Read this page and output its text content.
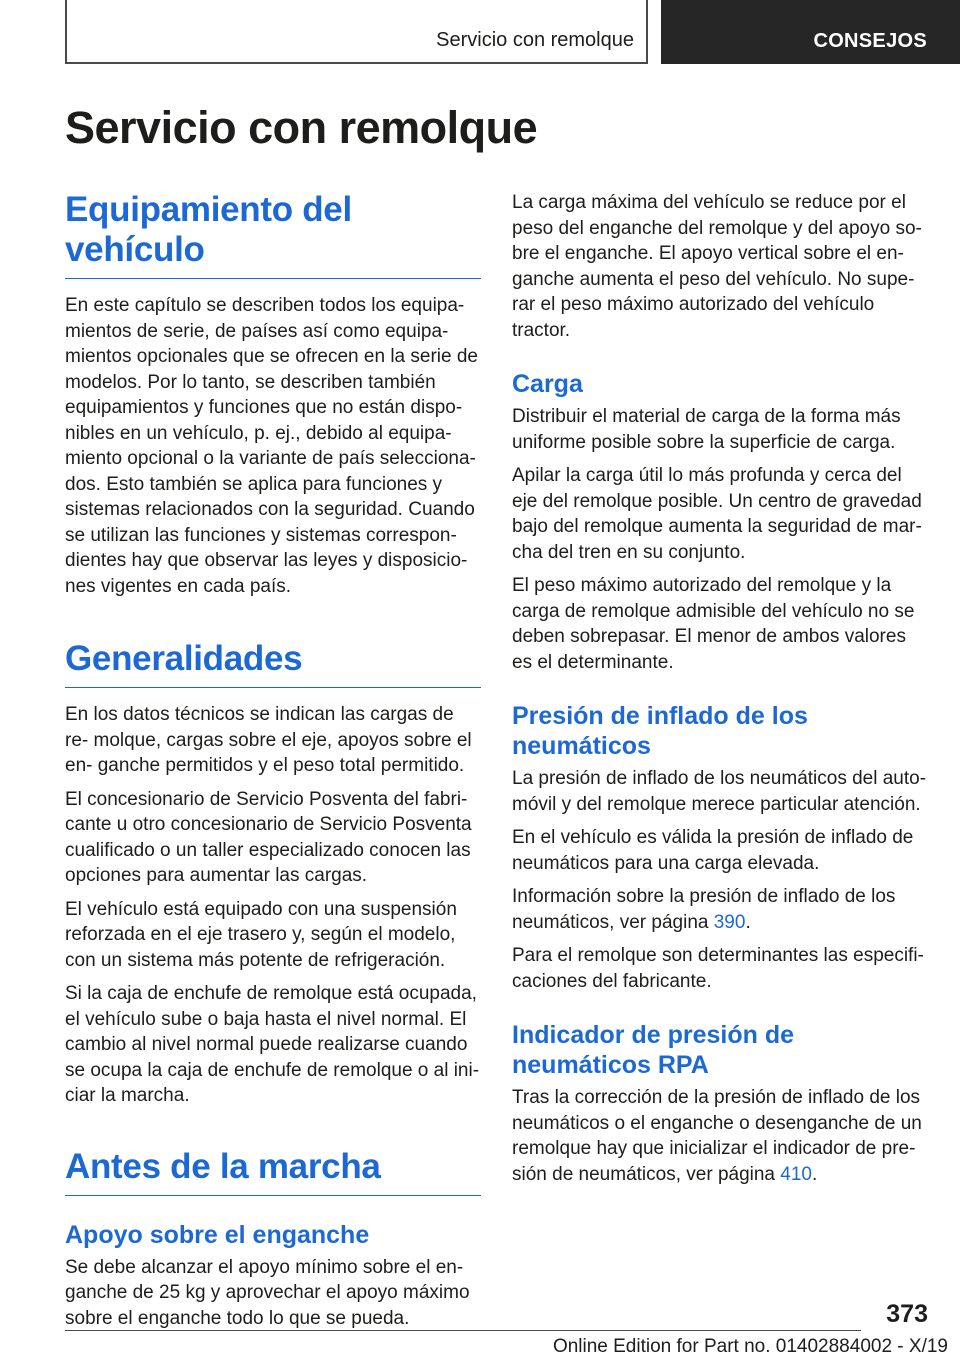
Servicio con remolque	CONSEJOS
Servicio con remolque
Equipamiento del vehículo

En este capítulo se describen todos los equipa‐ mientos de serie, de países así como equipa‐ mientos opcionales que se ofrecen en la serie de modelos. Por lo tanto, se describen también equipamientos y funciones que no están dispo‐ nibles en un vehículo, p. ej., debido al equipa‐ miento opcional o la variante de país selecciona‐ dos. Esto también se aplica para funciones y sistemas relacionados con la seguridad. Cuando se utilizan las funciones y sistemas correspon‐ dientes hay que observar las leyes y disposicio‐ nes vigentes en cada país.

Generalidades

En los datos técnicos se indican las cargas de re‐ molque, cargas sobre el eje, apoyos sobre el en‐ ganche permitidos y el peso total permitido.

El concesionario de Servicio Posventa del fabri‐ cante u otro concesionario de Servicio Posventa cualificado o un taller especializado conocen las opciones para aumentar las cargas.

El vehículo está equipado con una suspensión reforzada en el eje trasero y, según el modelo, con un sistema más potente de refrigeración.

Si la caja de enchufe de remolque está ocupada, el vehículo sube o baja hasta el nivel normal. El cambio al nivel normal puede realizarse cuando se ocupa la caja de enchufe de remolque o al ini‐ ciar la marcha.

Antes de la marcha
Apoyo sobre el enganche

Se debe alcanzar el apoyo mínimo sobre el en‐ ganche de 25 kg y aprovechar el apoyo máximo sobre el enganche todo lo que se pueda.

La carga máxima del vehículo se reduce por el peso del enganche del remolque y del apoyo so‐ bre el enganche. El apoyo vertical sobre el en‐ ganche aumenta el peso del vehículo. No supe‐ rar el peso máximo autorizado del vehículo tractor.

Carga

Distribuir el material de carga de la forma más uniforme posible sobre la superficie de carga.

Apilar la carga útil lo más profunda y cerca del eje del remolque posible. Un centro de gravedad bajo del remolque aumenta la seguridad de mar‐ cha del tren en su conjunto.

El peso máximo autorizado del remolque y la carga de remolque admisible del vehículo no se deben sobrepasar. El menor de ambos valores es el determinante.

Presión de inflado de los neumáticos

La presión de inflado de los neumáticos del auto‐ móvil y del remolque merece particular atención.

En el vehículo es válida la presión de inflado de neumáticos para una carga elevada.

Información sobre la presión de inflado de los neumáticos, ver página 390.

Para el remolque son determinantes las especifi‐ caciones del fabricante.

Indicador de presión de neumáticos RPA

Tras la corrección de la presión de inflado de los neumáticos o el enganche o desenganche de un remolque hay que inicializar el indicador de pre‐ sión de neumáticos, ver página 410.

373
Online Edition for Part no. 01402884002 - X/19
